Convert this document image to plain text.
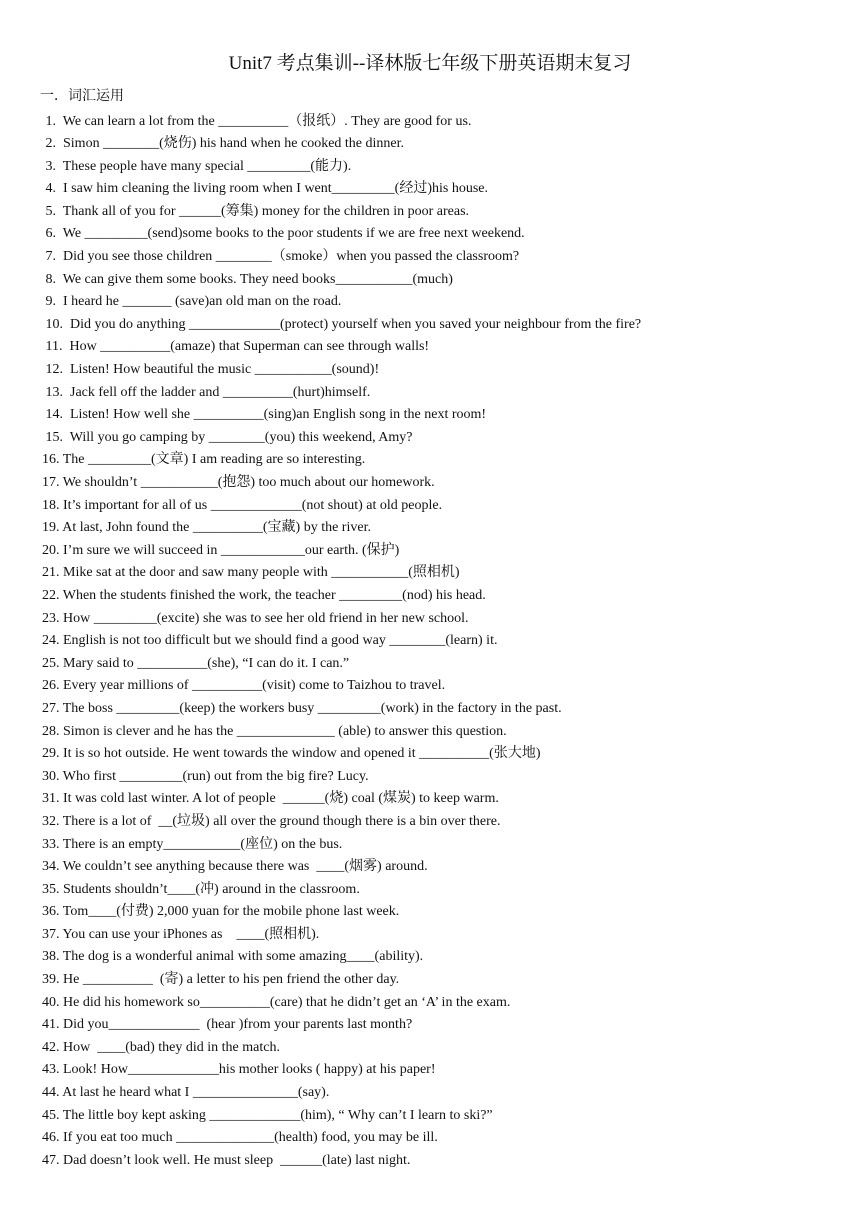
Unit7 考点集训--译林版七年级下册英语期末复习
一．词汇运用
1.  We can learn a lot from the __________（报纸）. They are good for us.
2.  Simon ________(烧伤) his hand when he cooked the dinner.
3.  These people have many special _________(能力).
4.  I saw him cleaning the living room when I went_________(经过)his house.
5.  Thank all of you for ______(筹集) money for the children in poor areas.
6.  We _________(send)some books to the poor students if we are free next weekend.
7.  Did you see those children ________（smoke）when you passed the classroom?
8.  We can give them some books. They need books___________(much)
9.  I heard he _______ (save)an old man on the road.
10.  Did you do anything _____________(protect) yourself when you saved your neighbour from the fire?
11.  How __________(amaze) that Superman can see through walls!
12.  Listen! How beautiful the music ___________(sound)!
13.  Jack fell off the ladder and __________(hurt)himself.
14.  Listen! How well she __________(sing)an English song in the next room!
15.  Will you go camping by ________(you) this weekend, Amy?
16. The _________(文章) I am reading are so interesting.
17. We shouldn’t ___________(抱怨) too much about our homework.
18. It’s important for all of us _____________(not shout) at old people.
19. At last, John found the __________(宝藏) by the river.
20. I’m sure we will succeed in ____________our earth. (保护)
21. Mike sat at the door and saw many people with ___________(照相机)
22. When the students finished the work, the teacher _________(nod) his head.
23. How _________(excite) she was to see her old friend in her new school.
24. English is not too difficult but we should find a good way ________(learn) it.
25. Mary said to __________(she), “I can do it. I can.”
26. Every year millions of __________(visit) come to Taizhou to travel.
27. The boss _________(keep) the workers busy _________(work) in the factory in the past.
28. Simon is clever and he has the ______________ (able) to answer this question.
29. It is so hot outside. He went towards the window and opened it __________(张大地)
30. Who first _________(run) out from the big fire? Lucy.
31. It was cold last winter. A lot of people  ______(烧) coal (煤炭) to keep warm.
32. There is a lot of  __(垃圾) all over the ground though there is a bin over there.
33. There is an empty___________(座位) on the bus.
34. We couldn’t see anything because there was  ____(烟雾) around.
35. Students shouldn’t____(冲) around in the classroom.
36. Tom____(付费) 2,000 yuan for the mobile phone last week.
37. You can use your iPhones as    ____(照相机).
38. The dog is a wonderful animal with some amazing____(ability).
39. He __________  (寄) a letter to his pen friend the other day.
40. He did his homework so__________(care) that he didn’t get an ‘A’ in the exam.
41. Did you_____________  (hear )from your parents last month?
42. How  ____(bad) they did in the match.
43. Look! How_____________his mother looks ( happy) at his paper!
44. At last he heard what I _______________(say).
45. The little boy kept asking _____________(him), “ Why can’t I learn to ski?”
46. If you eat too much ______________(health) food, you may be ill.
47. Dad doesn’t look well. He must sleep  ______(late) last night.
